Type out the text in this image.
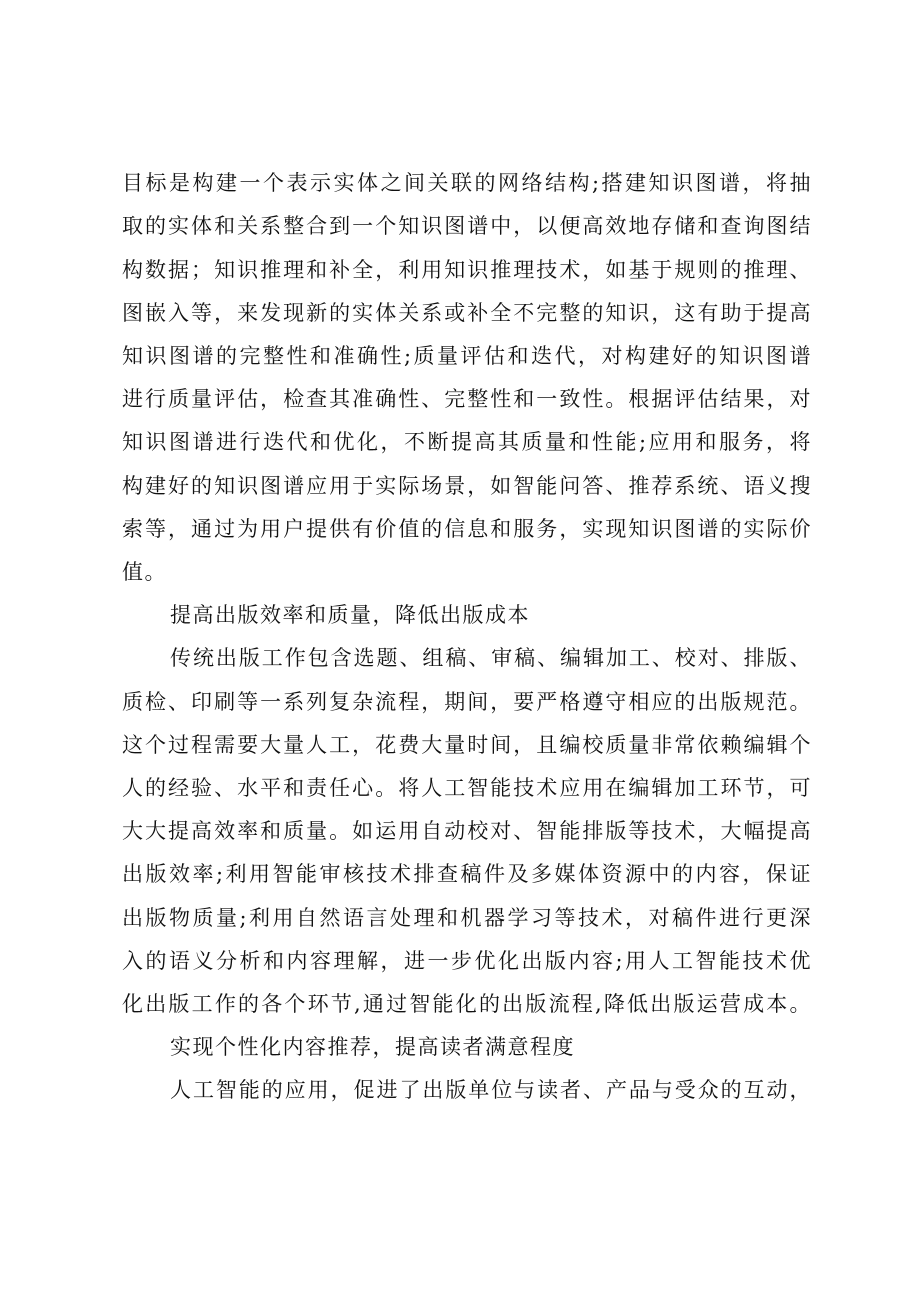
目标是构建一个表示实体之间关联的网络结构;搭建知识图谱，将抽
取的实体和关系整合到一个知识图谱中，以便高效地存储和查询图结
构数据；知识推理和补全，利用知识推理技术，如基于规则的推理、
图嵌入等，来发现新的实体关系或补全不完整的知识，这有助于提高
知识图谱的完整性和准确性;质量评估和迭代，对构建好的知识图谱
进行质量评估，检查其准确性、完整性和一致性。根据评估结果，对
知识图谱进行迭代和优化，不断提高其质量和性能;应用和服务，将
构建好的知识图谱应用于实际场景，如智能问答、推荐系统、语义搜
索等，通过为用户提供有价值的信息和服务，实现知识图谱的实际价
值。
提高出版效率和质量，降低出版成本
传统出版工作包含选题、组稿、审稿、编辑加工、校对、排版、
质检、印刷等一系列复杂流程，期间，要严格遵守相应的出版规范。
这个过程需要大量人工，花费大量时间，且编校质量非常依赖编辑个
人的经验、水平和责任心。将人工智能技术应用在编辑加工环节，可
大大提高效率和质量。如运用自动校对、智能排版等技术，大幅提高
出版效率;利用智能审核技术排查稿件及多媒体资源中的内容，保证
出版物质量;利用自然语言处理和机器学习等技术，对稿件进行更深
入的语义分析和内容理解，进一步优化出版内容;用人工智能技术优
化出版工作的各个环节,通过智能化的出版流程,降低出版运营成本。
实现个性化内容推荐，提高读者满意程度
人工智能的应用，促进了出版单位与读者、产品与受众的互动，
